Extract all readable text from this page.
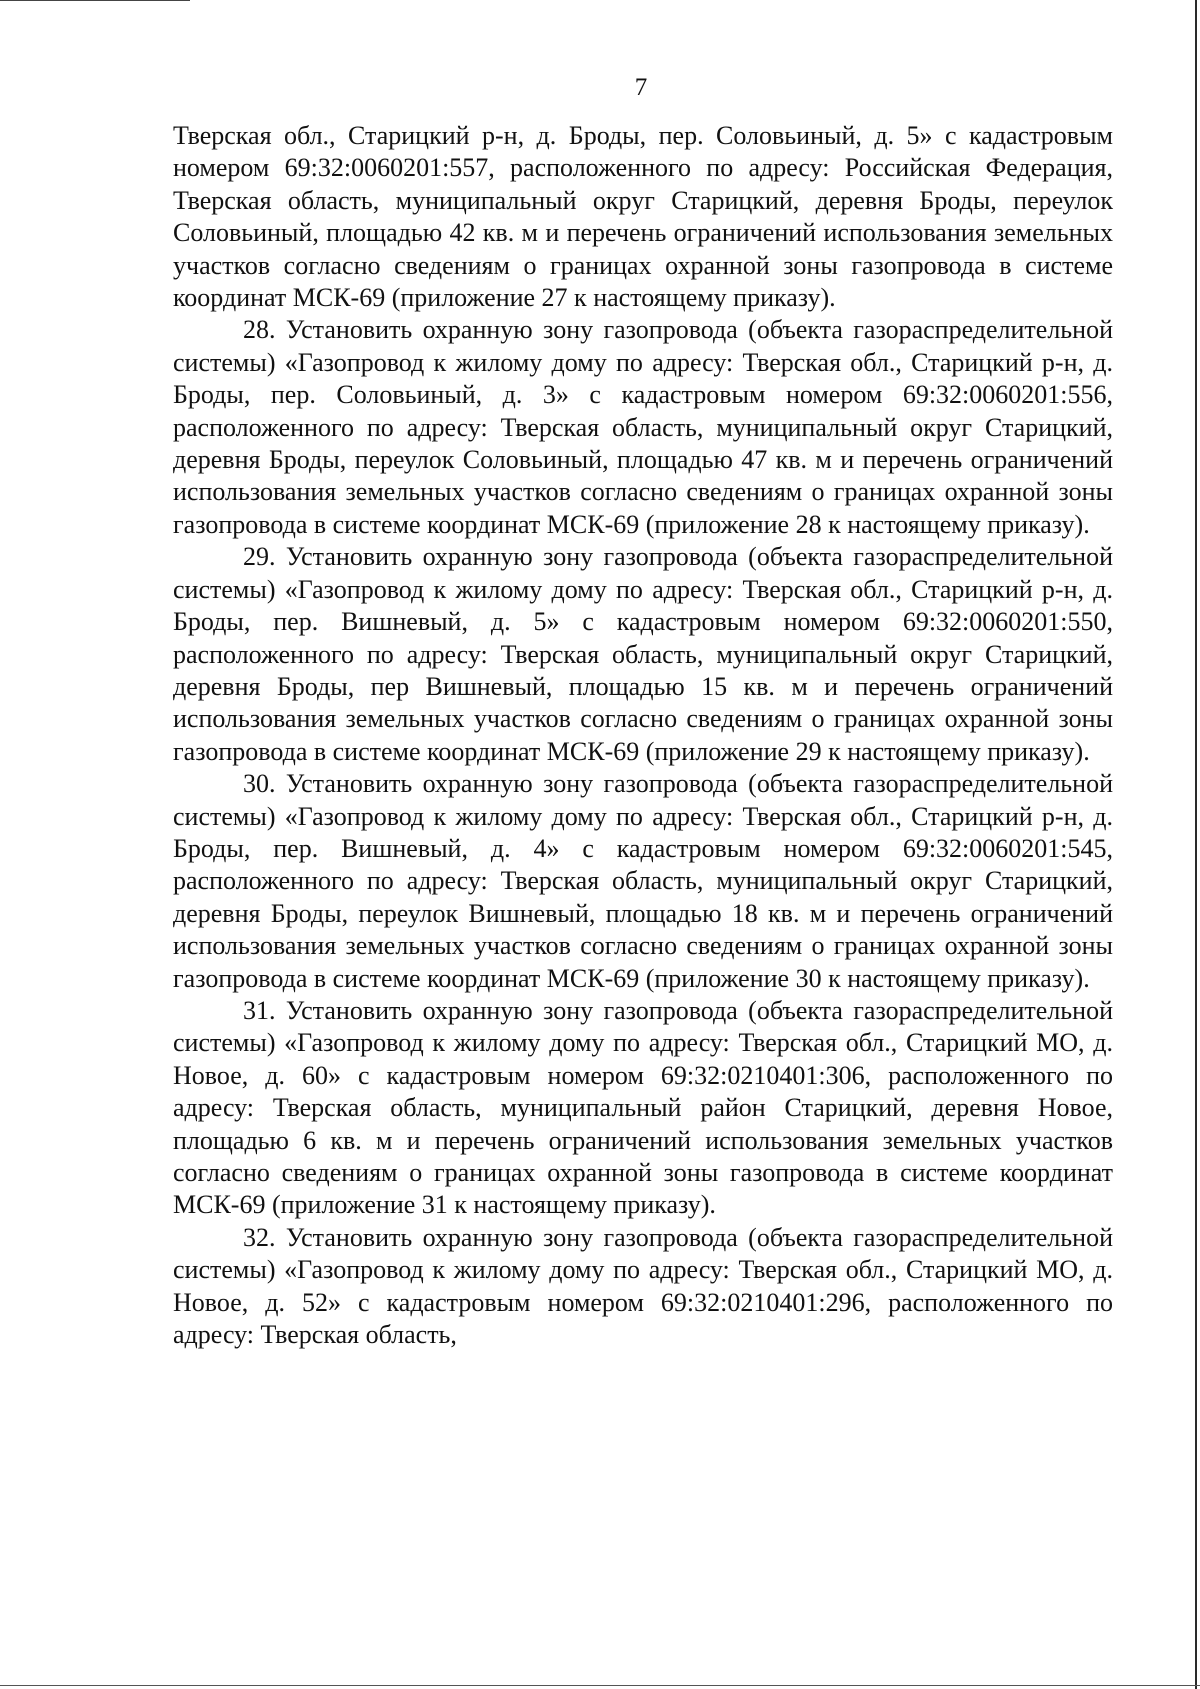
7

Тверская обл., Старицкий р-н, д. Броды, пер. Соловьиный, д. 5» с кадастровым номером 69:32:0060201:557, расположенного по адресу: Российская Федерация, Тверская область, муниципальный округ Старицкий, деревня Броды, переулок Соловьиный, площадью 42 кв. м и перечень ограничений использования земельных участков согласно сведениям о границах охранной зоны газопровода в системе координат МСК-69 (приложение 27 к настоящему приказу).

28. Установить охранную зону газопровода (объекта газораспределительной системы) «Газопровод к жилому дому по адресу: Тверская обл., Старицкий р-н, д. Броды, пер. Соловьиный, д. 3» с кадастровым номером 69:32:0060201:556, расположенного по адресу: Тверская область, муниципальный округ Старицкий, деревня Броды, переулок Соловьиный, площадью 47 кв. м и перечень ограничений использования земельных участков согласно сведениям о границах охранной зоны газопровода в системе координат МСК-69 (приложение 28 к настоящему приказу).

29. Установить охранную зону газопровода (объекта газораспределительной системы) «Газопровод к жилому дому по адресу: Тверская обл., Старицкий р-н, д. Броды, пер. Вишневый, д. 5» с кадастровым номером 69:32:0060201:550, расположенного по адресу: Тверская область, муниципальный округ Старицкий, деревня Броды, пер Вишневый, площадью 15 кв. м и перечень ограничений использования земельных участков согласно сведениям о границах охранной зоны газопровода в системе координат МСК-69 (приложение 29 к настоящему приказу).

30. Установить охранную зону газопровода (объекта газораспределительной системы) «Газопровод к жилому дому по адресу: Тверская обл., Старицкий р-н, д. Броды, пер. Вишневый, д. 4» с кадастровым номером 69:32:0060201:545, расположенного по адресу: Тверская область, муниципальный округ Старицкий, деревня Броды, переулок Вишневый, площадью 18 кв. м и перечень ограничений использования земельных участков согласно сведениям о границах охранной зоны газопровода в системе координат МСК-69 (приложение 30 к настоящему приказу).

31. Установить охранную зону газопровода (объекта газораспределительной системы) «Газопровод к жилому дому по адресу: Тверская обл., Старицкий МО, д. Новое, д. 60» с кадастровым номером 69:32:0210401:306, расположенного по адресу: Тверская область, муниципальный район Старицкий, деревня Новое, площадью 6 кв. м и перечень ограничений использования земельных участков согласно сведениям о границах охранной зоны газопровода в системе координат МСК-69 (приложение 31 к настоящему приказу).

32. Установить охранную зону газопровода (объекта газораспределительной системы) «Газопровод к жилому дому по адресу: Тверская обл., Старицкий МО, д. Новое, д. 52» с кадастровым номером 69:32:0210401:296, расположенного по адресу: Тверская область,
